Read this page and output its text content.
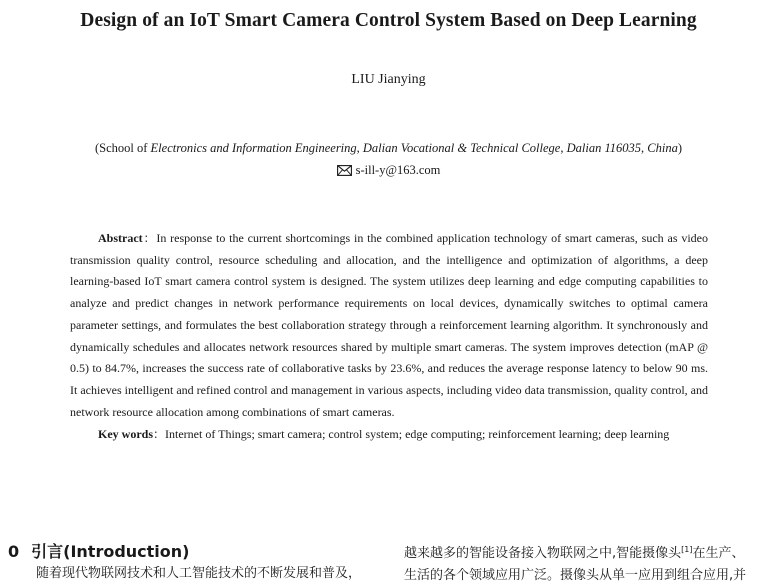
Design of an IoT Smart Camera Control System Based on Deep Learning
LIU Jianying
(School of Electronics and Information Engineering, Dalian Vocational & Technical College, Dalian 116035, China)
s-ill-y@163.com

Abstract：In response to the current shortcomings in the combined application technology of smart cameras, such as video transmission quality control, resource scheduling and allocation, and the intelligence and optimization of algorithms, a deep learning-based IoT smart camera control system is designed. The system utilizes deep learning and edge computing capabilities to analyze and predict changes in network performance requirements on local devices, dynamically switches to optimal camera parameter settings, and formulates the best collaboration strategy through a reinforcement learning algorithm. It synchronously and dynamically schedules and allocates network resources shared by multiple smart cameras. The system improves detection (mAP @ 0.5) to 84.7%, increases the success rate of collaborative tasks by 23.6%, and reduces the average response latency to below 90 ms. It achieves intelligent and refined control and management in various aspects, including video data transmission, quality control, and network resource allocation among combinations of smart cameras.

Key words：Internet of Things; smart camera; control system; edge computing; reinforcement learning; deep learning

0 引言(Introduction)
随着现代物联网技术和人工智能技术的不断发展和普及，

越来越多的智能设备接入物联网之中,智能摄像头[1]在生产、

生活的各个领域应用广泛。摄像头从单一应用到组合应用,并
